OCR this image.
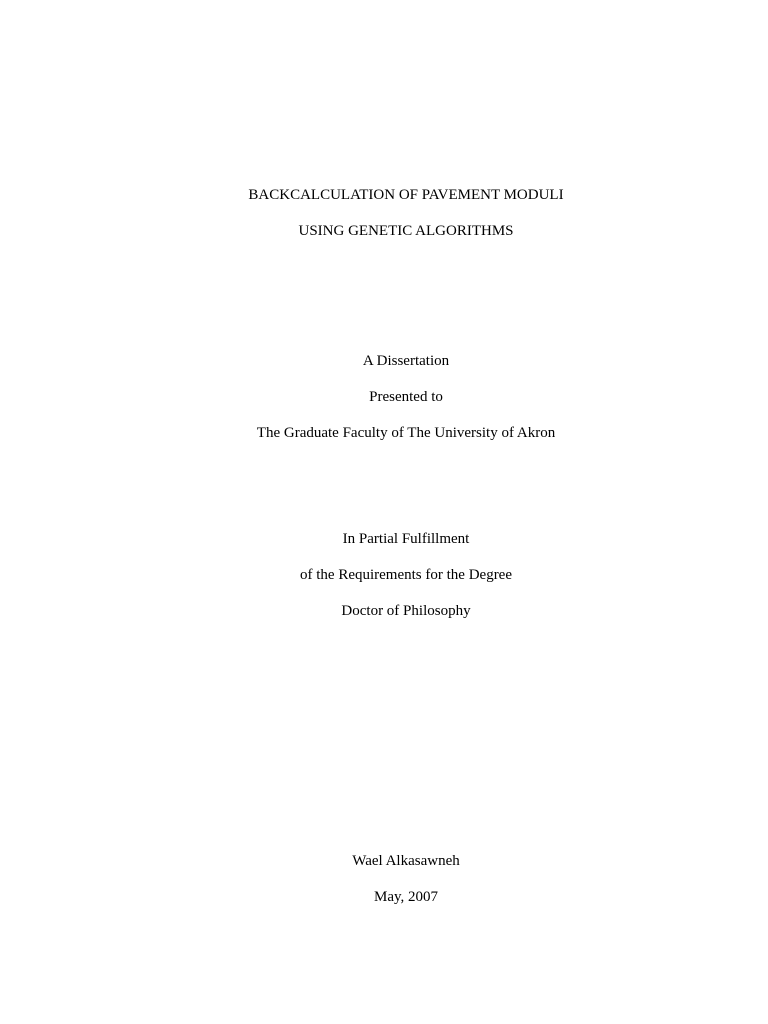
BACKCALCULATION OF PAVEMENT MODULI
USING GENETIC ALGORITHMS
A Dissertation
Presented to
The Graduate Faculty of The University of Akron
In Partial Fulfillment
of the Requirements for the Degree
Doctor of Philosophy
Wael Alkasawneh
May, 2007
